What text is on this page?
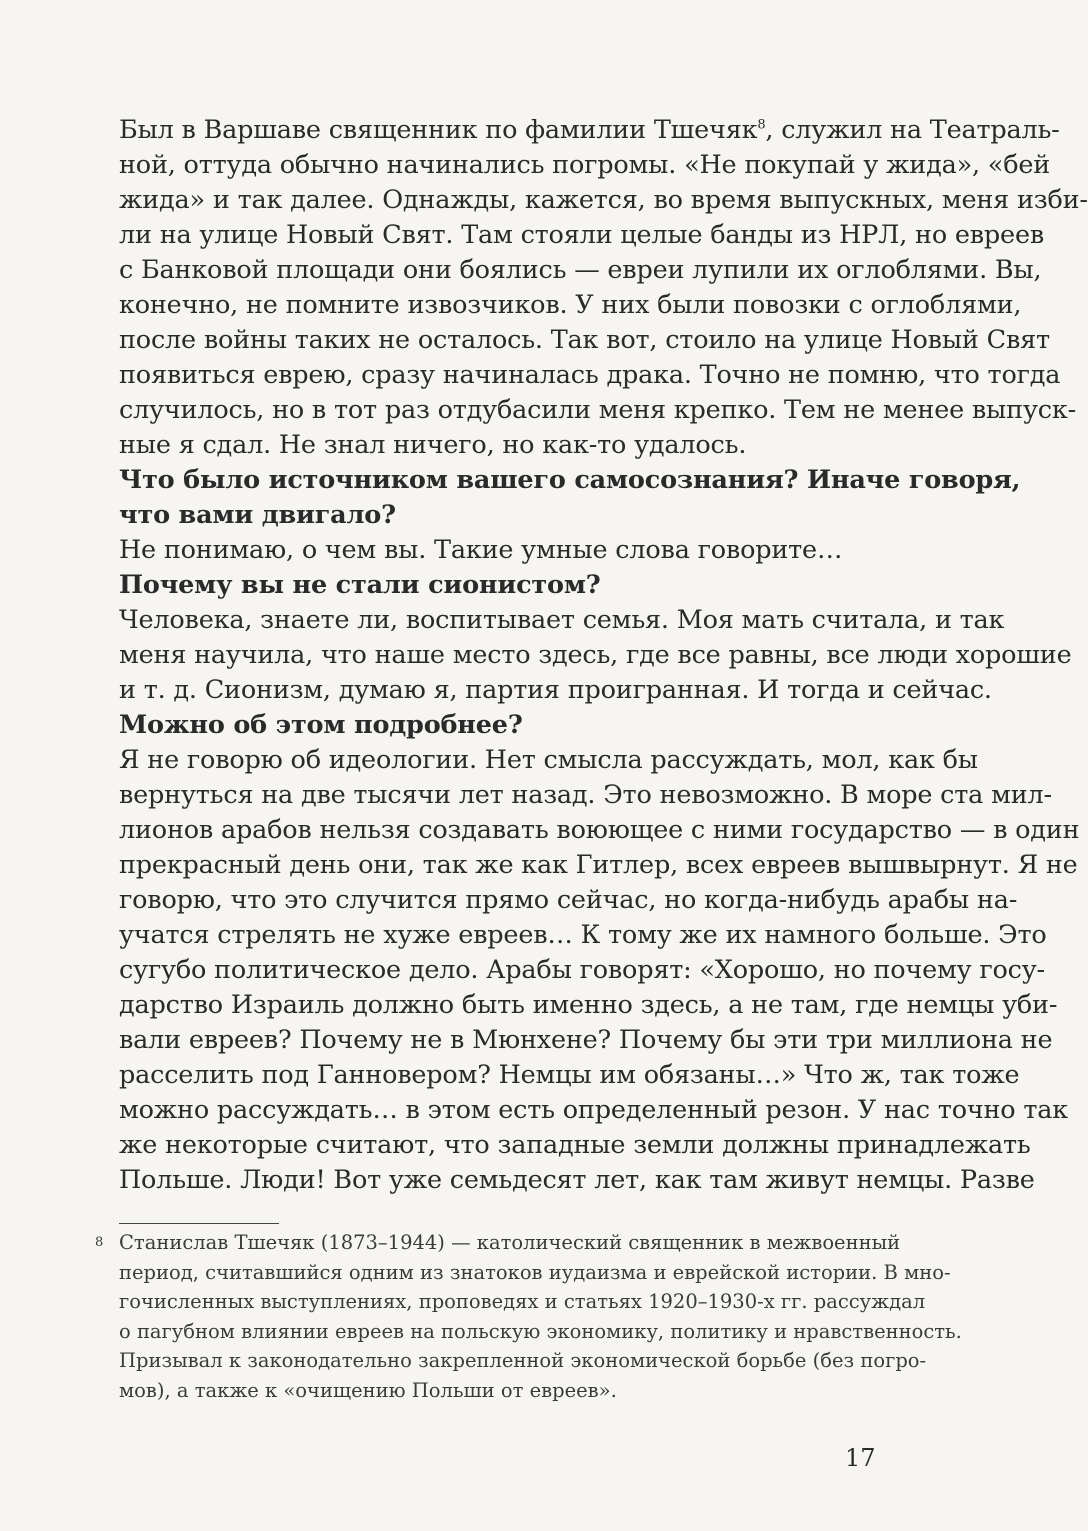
Был в Варшаве священник по фамилии Тшечяк$^8$, служил на Театраль-
ной, оттуда обычно начинались погромы. «Не покупай у жида», «бей
жида» и так далее. Однажды, кажется, во время выпускных, меня изби-
ли на улице Новый Свят. Там стояли целые банды из НРЛ, но евреев
с Банковой площади они боялись — евреи лупили их оглоблями. Вы,
конечно, не помните извозчиков. У них были повозки с оглоблями,
после войны таких не осталось. Так вот, стоило на улице Новый Свят
появиться еврею, сразу начиналась драка. Точно не помню, что тогда
случилось, но в тот раз отдубасили меня крепко. Тем не менее выпуск-
ные я сдал. Не знал ничего, но как-то удалось.

Что было источником вашего самосознания? Иначе говоря,
что вами двигало?

Не понимаю, о чем вы. Такие умные слова говорите…

Почему вы не стали сионистом?

Человека, знаете ли, воспитывает семья. Моя мать считала, и так
меня научила, что наше место здесь, где все равны, все люди хорошие
и т. д. Сионизм, думаю я, партия проигранная. И тогда и сейчас.

Можно об этом подробнее?

Я не говорю об идеологии. Нет смысла рассуждать, мол, как бы
вернуться на две тысячи лет назад. Это невозможно. В море ста мил-
лионов арабов нельзя создавать воюющее с ними государство — в один
прекрасный день они, так же как Гитлер, всех евреев вышвырнут. Я не
говорю, что это случится прямо сейчас, но когда-нибудь арабы на-
учатся стрелять не хуже евреев… К тому же их намного больше. Это
сугубо политическое дело. Арабы говорят: «Хорошо, но почему госу-
дарство Израиль должно быть именно здесь, а не там, где немцы уби-
вали евреев? Почему не в Мюнхене? Почему бы эти три миллиона не
расселить под Ганновером? Немцы им обязаны…» Что ж, так тоже
можно рассуждать… в этом есть определенный резон. У нас точно так
же некоторые считают, что западные земли должны принадлежать
Польше. Люди! Вот уже семьдесят лет, как там живут немцы. Разве

8 Станислав Тшечяк (1873–1944) — католический священник в межвоенный
период, считавшийся одним из знатоков иудаизма и еврейской истории. В мно-
гочисленных выступлениях, проповедях и статьях 1920–1930-х гг. рассуждал
о пагубном влиянии евреев на польскую экономику, политику и нравственность.
Призывал к законодательно закрепленной экономической борьбе (без погро-
мов), а также к «очищению Польши от евреев».
17
